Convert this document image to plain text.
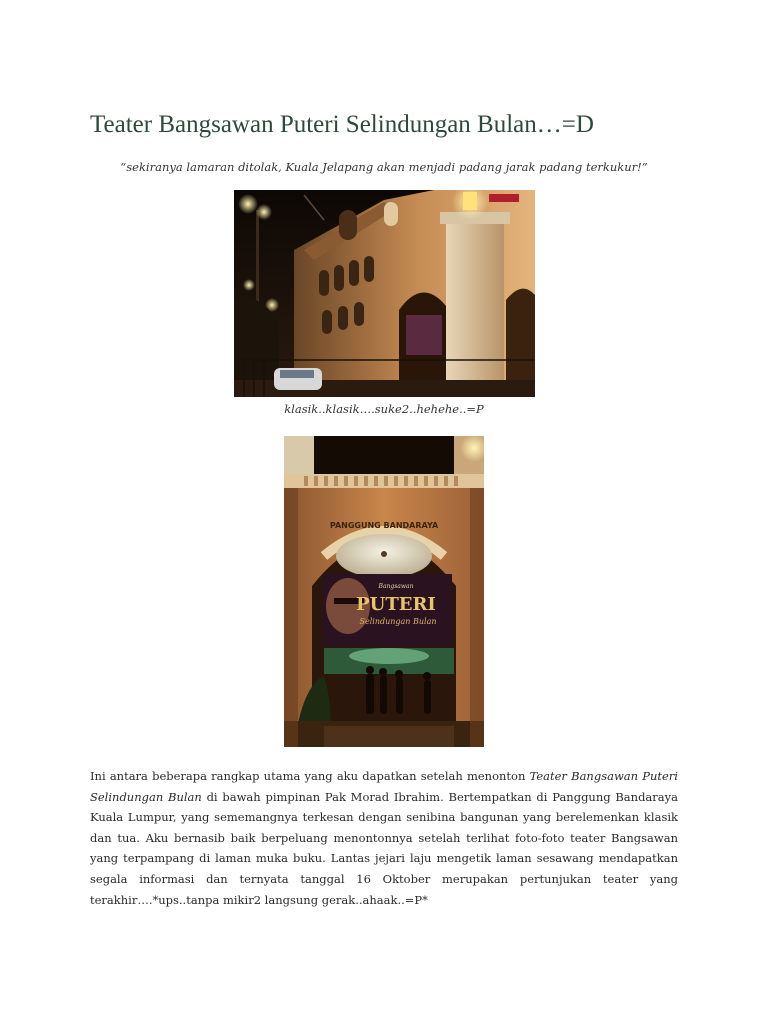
Teater Bangsawan Puteri Selindungan Bulan…=D

“sekiranya lamaran ditolak, Kuala Jelapang akan menjadi padang jarak padang terkukur!”

klasik..klasik….suke2..hehehe..=P

PANGGUNG BANDARAYA
Bangsawan
PUTERI
Selindungan Bulan

Ini antara beberapa rangkap utama yang aku dapatkan setelah menonton Teater Bangsawan Puteri Selindungan Bulan di bawah pimpinan Pak Morad Ibrahim. Bertempatkan di Panggung Bandaraya Kuala Lumpur, yang sememangnya terkesan dengan senibina bangunan yang berelemenkan klasik dan tua. Aku bernasib baik berpeluang menontonnya setelah terlihat foto-foto teater Bangsawan yang terpampang di laman muka buku. Lantas jejari laju mengetik laman sesawang mendapatkan segala informasi dan ternyata tanggal 16 Oktober merupakan pertunjukan teater yang terakhir….*ups..tanpa mikir2 langsung gerak..ahaak..=P*
